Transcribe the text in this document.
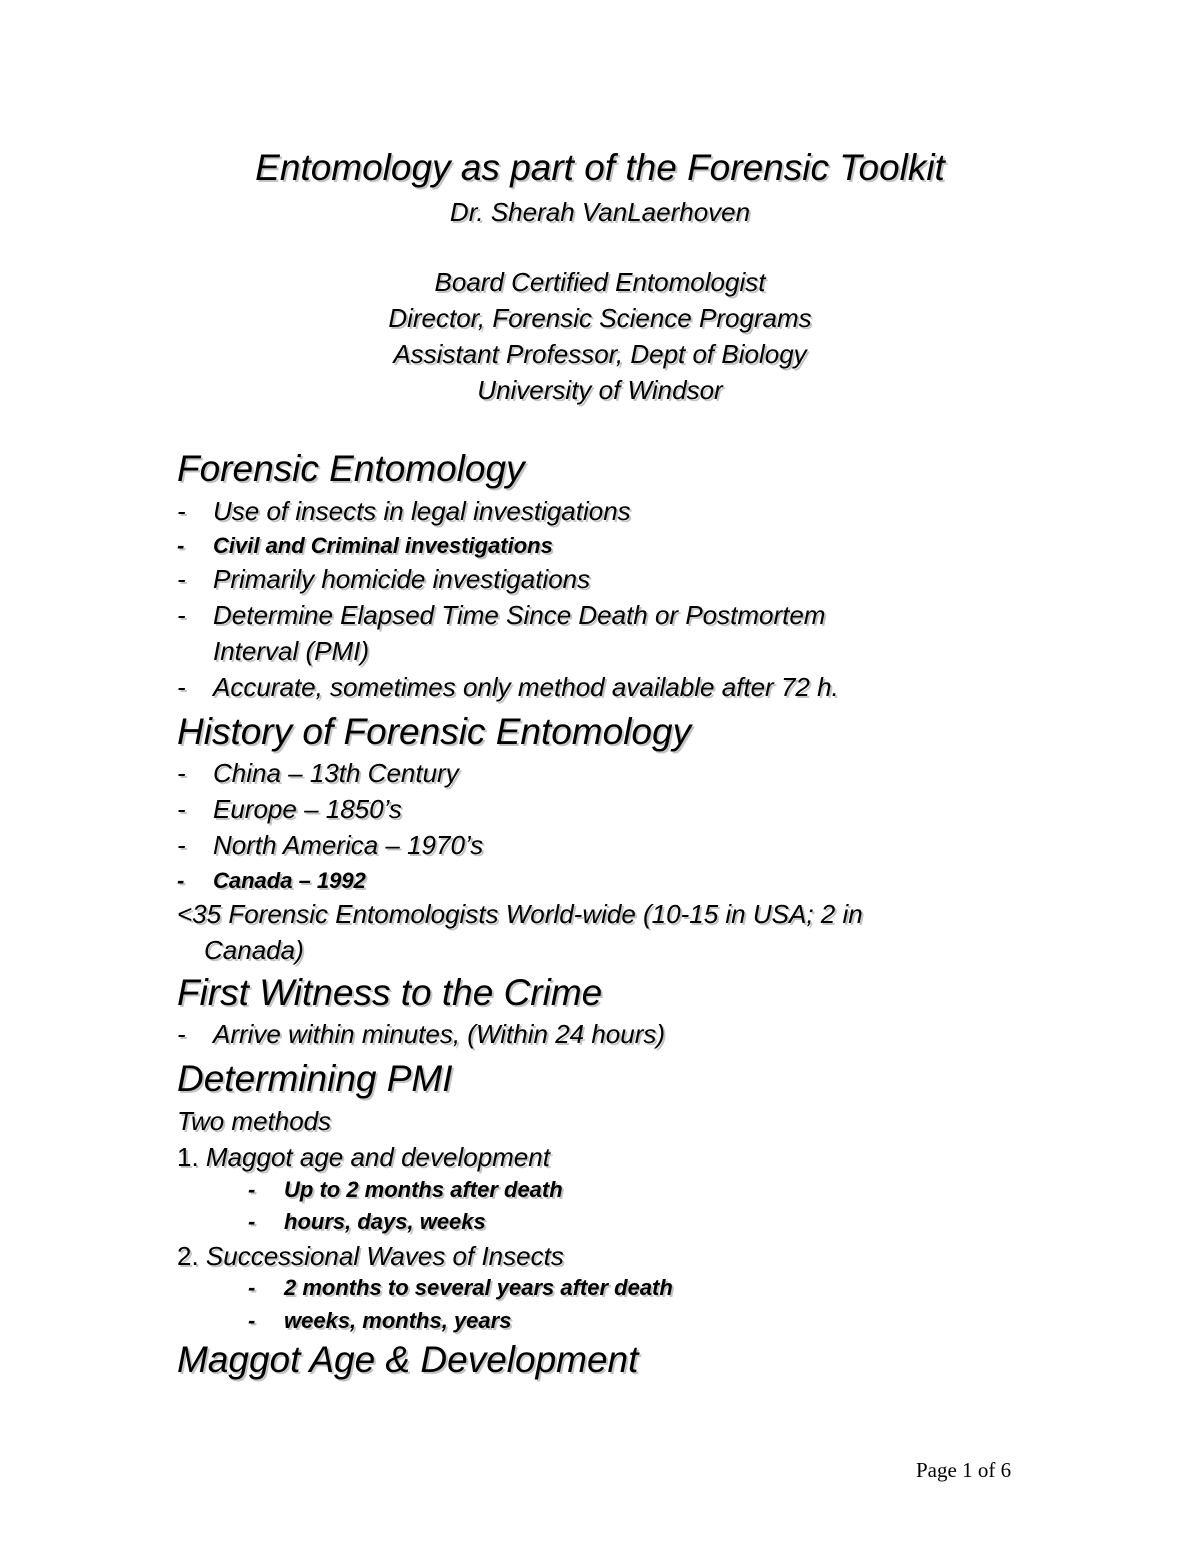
Entomology as part of the Forensic Toolkit
Dr. Sherah VanLaerhoven
Board Certified Entomologist
Director, Forensic Science Programs
Assistant Professor, Dept of Biology
University of Windsor
Forensic Entomology
- Use of insects in legal investigations
- Civil and Criminal investigations
- Primarily homicide investigations
- Determine Elapsed Time Since Death or Postmortem
Interval (PMI)
- Accurate, sometimes only method available after 72 h.
History of Forensic Entomology
- China – 13th Century
- Europe – 1850’s
- North America – 1970’s
- Canada – 1992
<35 Forensic Entomologists World-wide (10-15 in USA; 2 in
Canada)
First Witness to the Crime
- Arrive within minutes, (Within 24 hours)
Determining PMI
Two methods
1. Maggot age and development
- Up to 2 months after death
- hours, days, weeks
2. Successional Waves of Insects
- 2 months to several years after death
- weeks, months, years
Maggot Age & Development
Page 1 of 6
